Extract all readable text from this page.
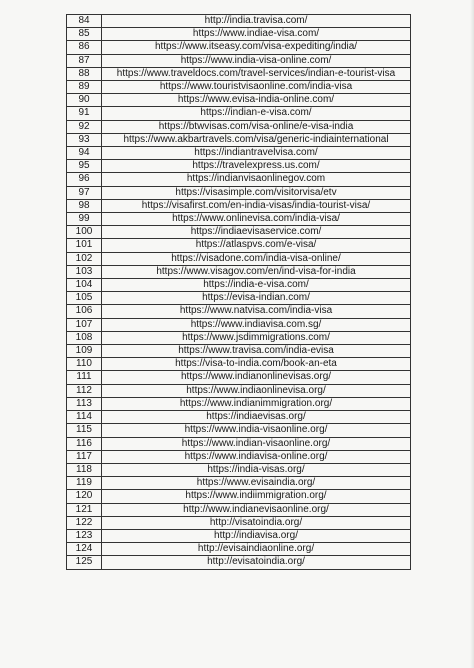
84	http://india.travisa.com/
85	https://www.indiae-visa.com/
86	https://www.itseasy.com/visa-expediting/india/
87	https://www.india-visa-online.com/
88	https://www.traveldocs.com/travel-services/indian-e-tourist-visa
89	https://www.touristvisaonline.com/india-visa
90	https://www.evisa-india-online.com/
91	https://indian-e-visa.com/
92	https://btwvisas.com/visa-online/e-visa-india
93	https://www.akbartravels.com/visa/generic-indiainternational
94	https://indiantravelvisa.com/
95	https://travelexpress.us.com/
96	https://indianvisaonlinegov.com
97	https://visasimple.com/visitorvisa/etv
98	https://visafirst.com/en-india-visas/india-tourist-visa/
99	https://www.onlinevisa.com/india-visa/
100	https://indiaevisaservice.com/
101	https://atlaspvs.com/e-visa/
102	https://visadone.com/india-visa-online/
103	https://www.visagov.com/en/ind-visa-for-india
104	https://india-e-visa.com/
105	https://evisa-indian.com/
106	https://www.natvisa.com/india-visa
107	https://www.indiavisa.com.sg/
108	https://www.jsdimmigrations.com/
109	https://www.travisa.com/india-evisa
110	https://visa-to-india.com/book-an-eta
111	https://www.indianonlinevisas.org/
112	https://www.indiaonlinevisa.org/
113	https://www.indianimmigration.org/
114	https://indiaevisas.org/
115	https://www.india-visaonline.org/
116	https://www.indian-visaonline.org/
117	https://www.indiavisa-online.org/
118	https://india-visas.org/
119	https://www.evisaindia.org/
120	https://www.indiimmigration.org/
121	http://www.indianevisaonline.org/
122	http://visatoindia.org/
123	http://indiavisa.org/
124	http://evisaindiaonline.org/
125	http://evisatoindia.org/
